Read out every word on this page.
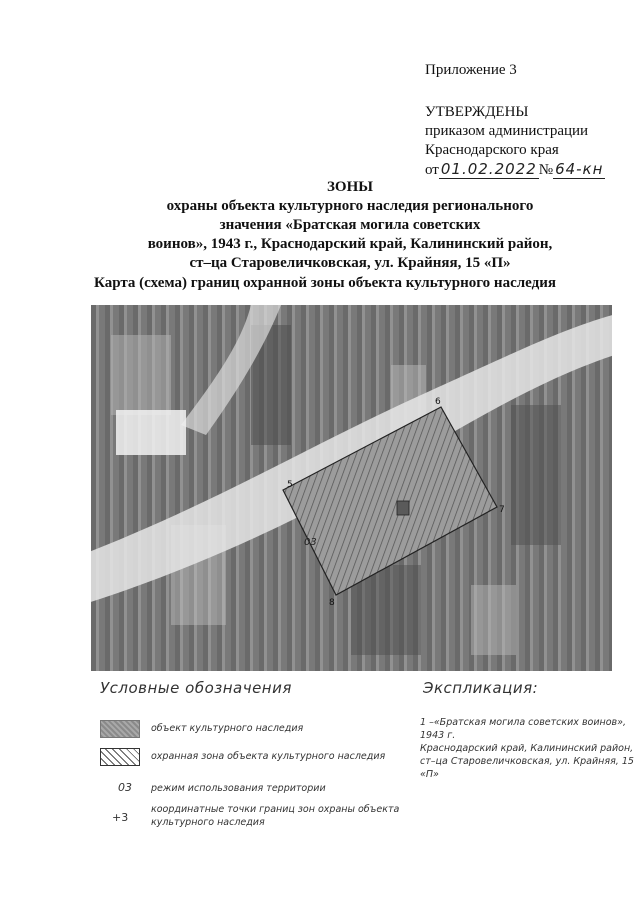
Приложение 3
УТВЕРЖДЕНЫ
приказом администрации
Краснодарского края
от 01.02.2022 № 64-кн
ЗОНЫ
охраны объекта культурного наследия регионального
значения «Братская могила советских
воинов», 1943 г., Краснодарский край, Калининский район,
ст–ца Старовеличковская, ул. Крайняя, 15 «П»
Карта (схема) границ охранной зоны объекта культурного наследия
03
5
6
7
8
Условные обозначения	Экспликация:
объект культурного наследия
охранная зона объекта культурного наследия
03 режим использования территории
+3
координатные точки границ зон охраны объекта
культурного наследия
1 –«Братская могила советских воинов», 1943 г.
Краснодарский край, Калининский район,
ст–ца Старовеличковская, ул. Крайняя, 15 «П»
